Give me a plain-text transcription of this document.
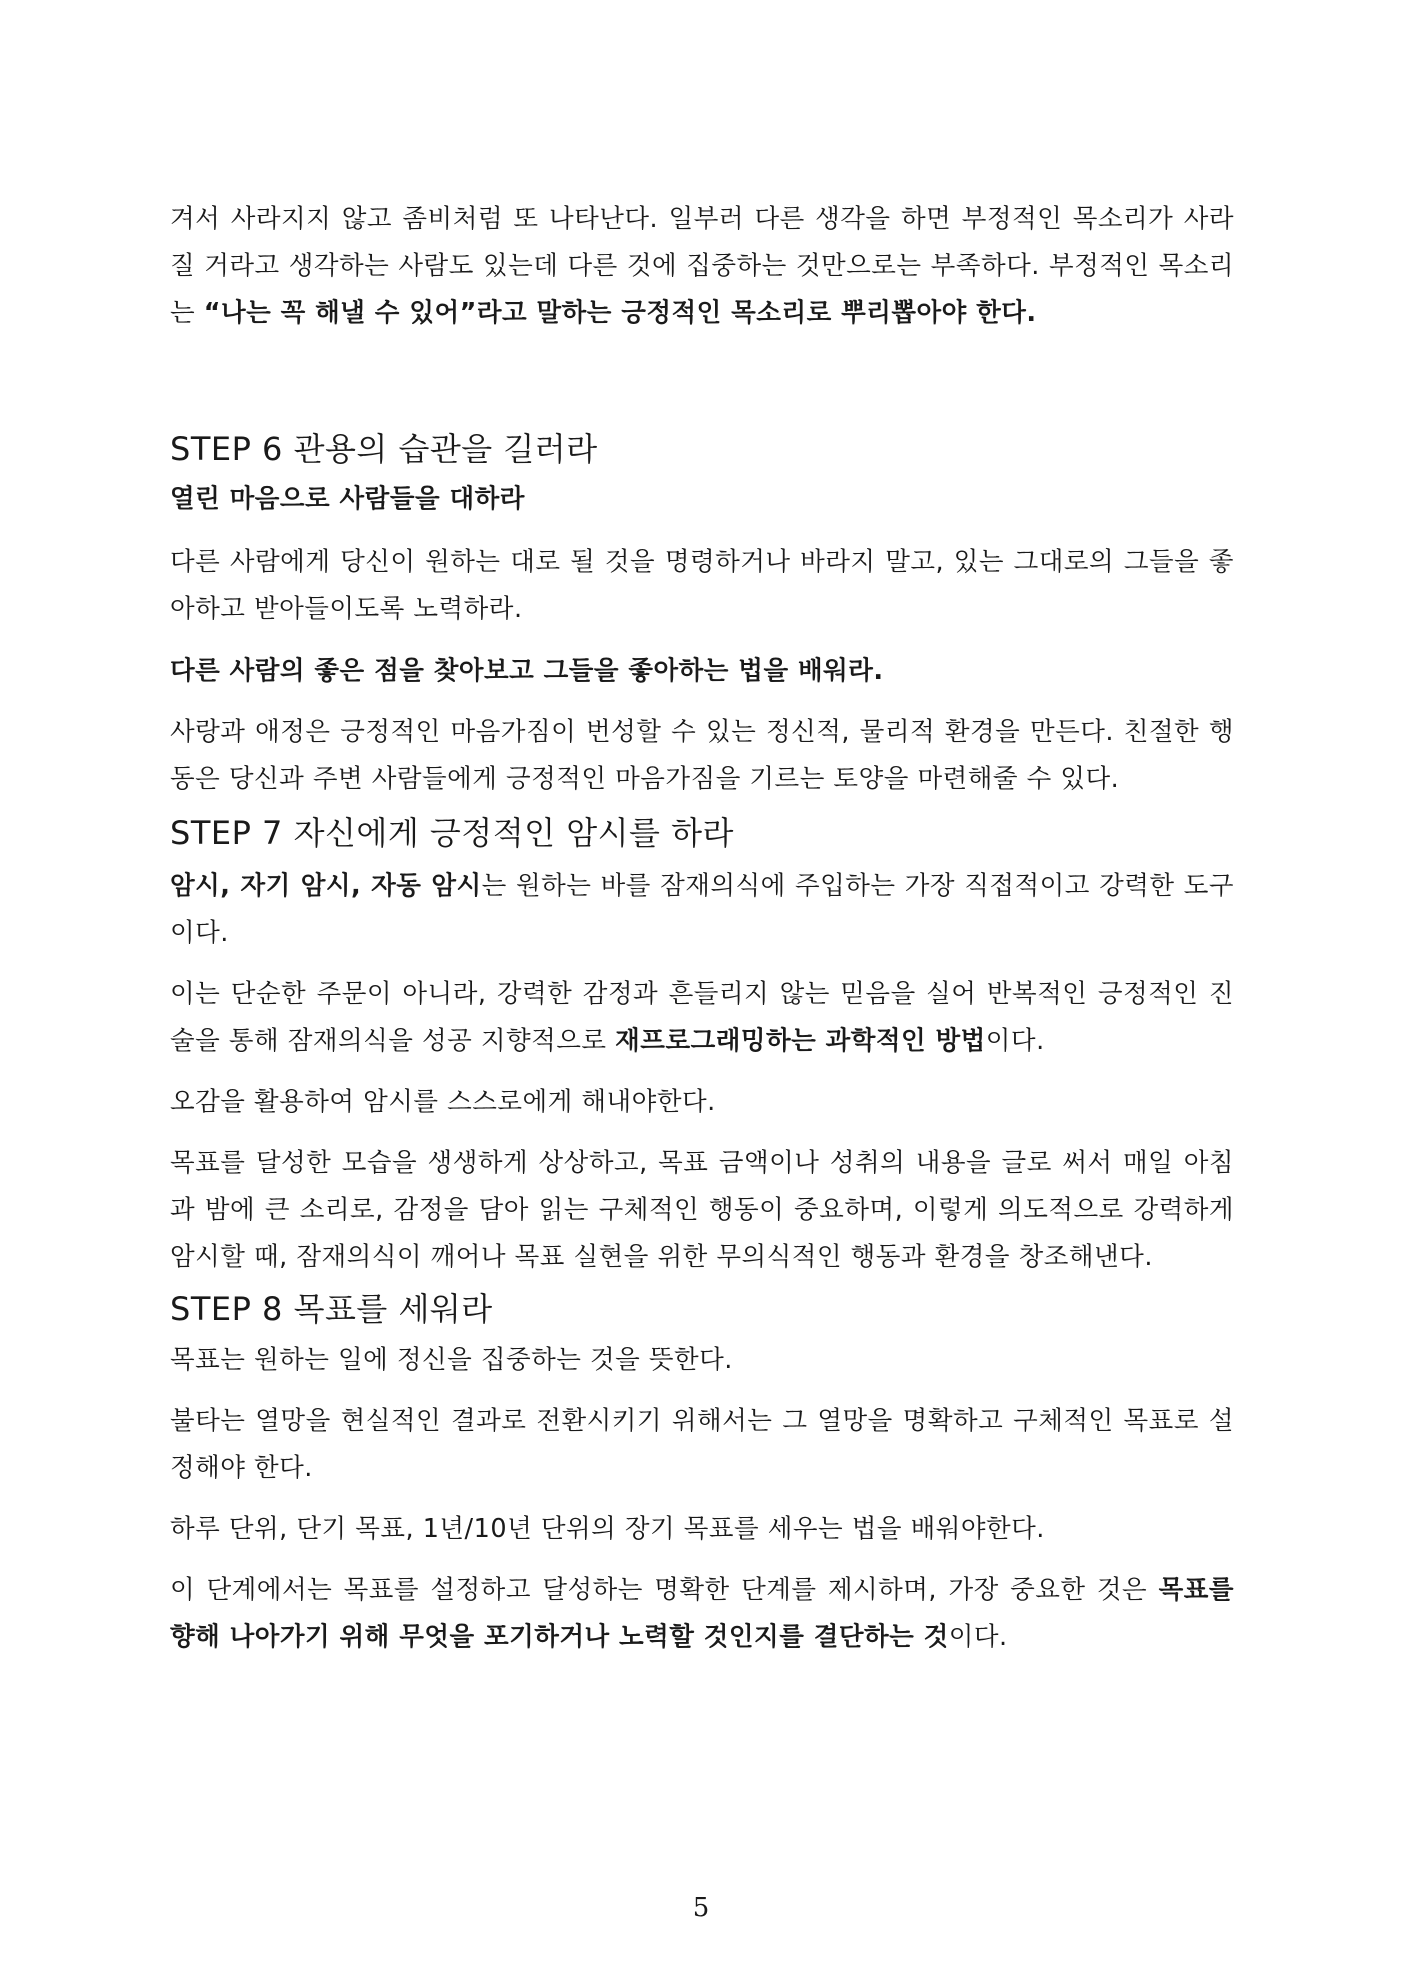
겨서 사라지지 않고 좀비처럼 또 나타난다. 일부러 다른 생각을 하면 부정적인 목소리가 사라질 거라고 생각하는 사람도 있는데 다른 것에 집중하는 것만으로는 부족하다. 부정적인 목소리는 “나는 꼭 해낼 수 있어”라고 말하는 긍정적인 목소리로 뿌리뽑아야 한다.

STEP 6 관용의 습관을 길러라

열린 마음으로 사람들을 대하라

다른 사람에게 당신이 원하는 대로 될 것을 명령하거나 바라지 말고, 있는 그대로의 그들을 좋아하고 받아들이도록 노력하라.

다른 사람의 좋은 점을 찾아보고 그들을 좋아하는 법을 배워라.

사랑과 애정은 긍정적인 마음가짐이 번성할 수 있는 정신적, 물리적 환경을 만든다. 친절한 행동은 당신과 주변 사람들에게 긍정적인 마음가짐을 기르는 토양을 마련해줄 수 있다.

STEP 7 자신에게 긍정적인 암시를 하라

암시, 자기 암시, 자동 암시는 원하는 바를 잠재의식에 주입하는 가장 직접적이고 강력한 도구이다.

이는 단순한 주문이 아니라, 강력한 감정과 흔들리지 않는 믿음을 실어 반복적인 긍정적인 진술을 통해 잠재의식을 성공 지향적으로 재프로그래밍하는 과학적인 방법이다.

오감을 활용하여 암시를 스스로에게 해내야한다.

목표를 달성한 모습을 생생하게 상상하고, 목표 금액이나 성취의 내용을 글로 써서 매일 아침과 밤에 큰 소리로, 감정을 담아 읽는 구체적인 행동이 중요하며, 이렇게 의도적으로 강력하게 암시할 때, 잠재의식이 깨어나 목표 실현을 위한 무의식적인 행동과 환경을 창조해낸다.

STEP 8 목표를 세워라

목표는 원하는 일에 정신을 집중하는 것을 뜻한다.

불타는 열망을 현실적인 결과로 전환시키기 위해서는 그 열망을 명확하고 구체적인 목표로 설정해야 한다.

하루 단위, 단기 목표, 1년/10년 단위의 장기 목표를 세우는 법을 배워야한다.

이 단계에서는 목표를 설정하고 달성하는 명확한 단계를 제시하며, 가장 중요한 것은 목표를 향해 나아가기 위해 무엇을 포기하거나 노력할 것인지를 결단하는 것이다.

5
